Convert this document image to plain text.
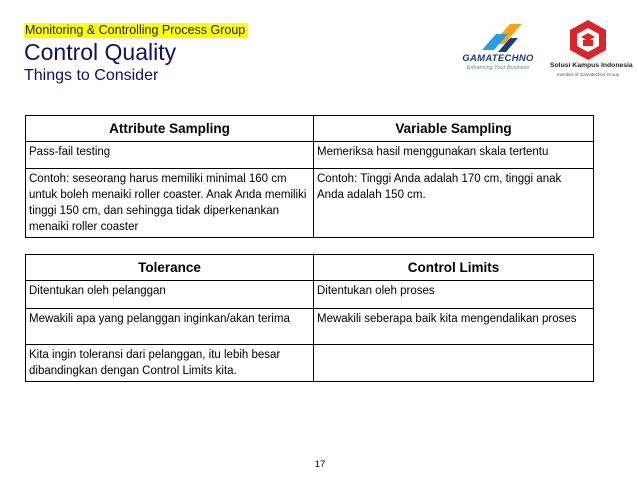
Monitoring & Controlling Process Group
Control Quality
Things to Consider
GAMATECHNO
Enhancing Your Business	Solusi Kampus Indonesia
member of Gamatechno Group
Attribute Sampling	Variable Sampling
Pass-fail testing	Memeriksa hasil menggunakan skala tertentu
Contoh: seseorang harus memiliki minimal 160 cm untuk boleh menaiki roller coaster. Anak Anda memiliki tinggi 150 cm, dan sehingga tidak diperkenankan menaiki roller coaster	Contoh: Tinggi Anda adalah 170 cm, tinggi anak Anda adalah 150 cm.
Tolerance	Control Limits
Ditentukan oleh pelanggan	Ditentukan oleh proses
Mewakili apa yang pelanggan inginkan/akan terima	Mewakili seberapa baik kita mengendalikan proses
Kita ingin toleransi dari pelanggan, itu lebih besar dibandingkan dengan Control Limits kita.	
17
